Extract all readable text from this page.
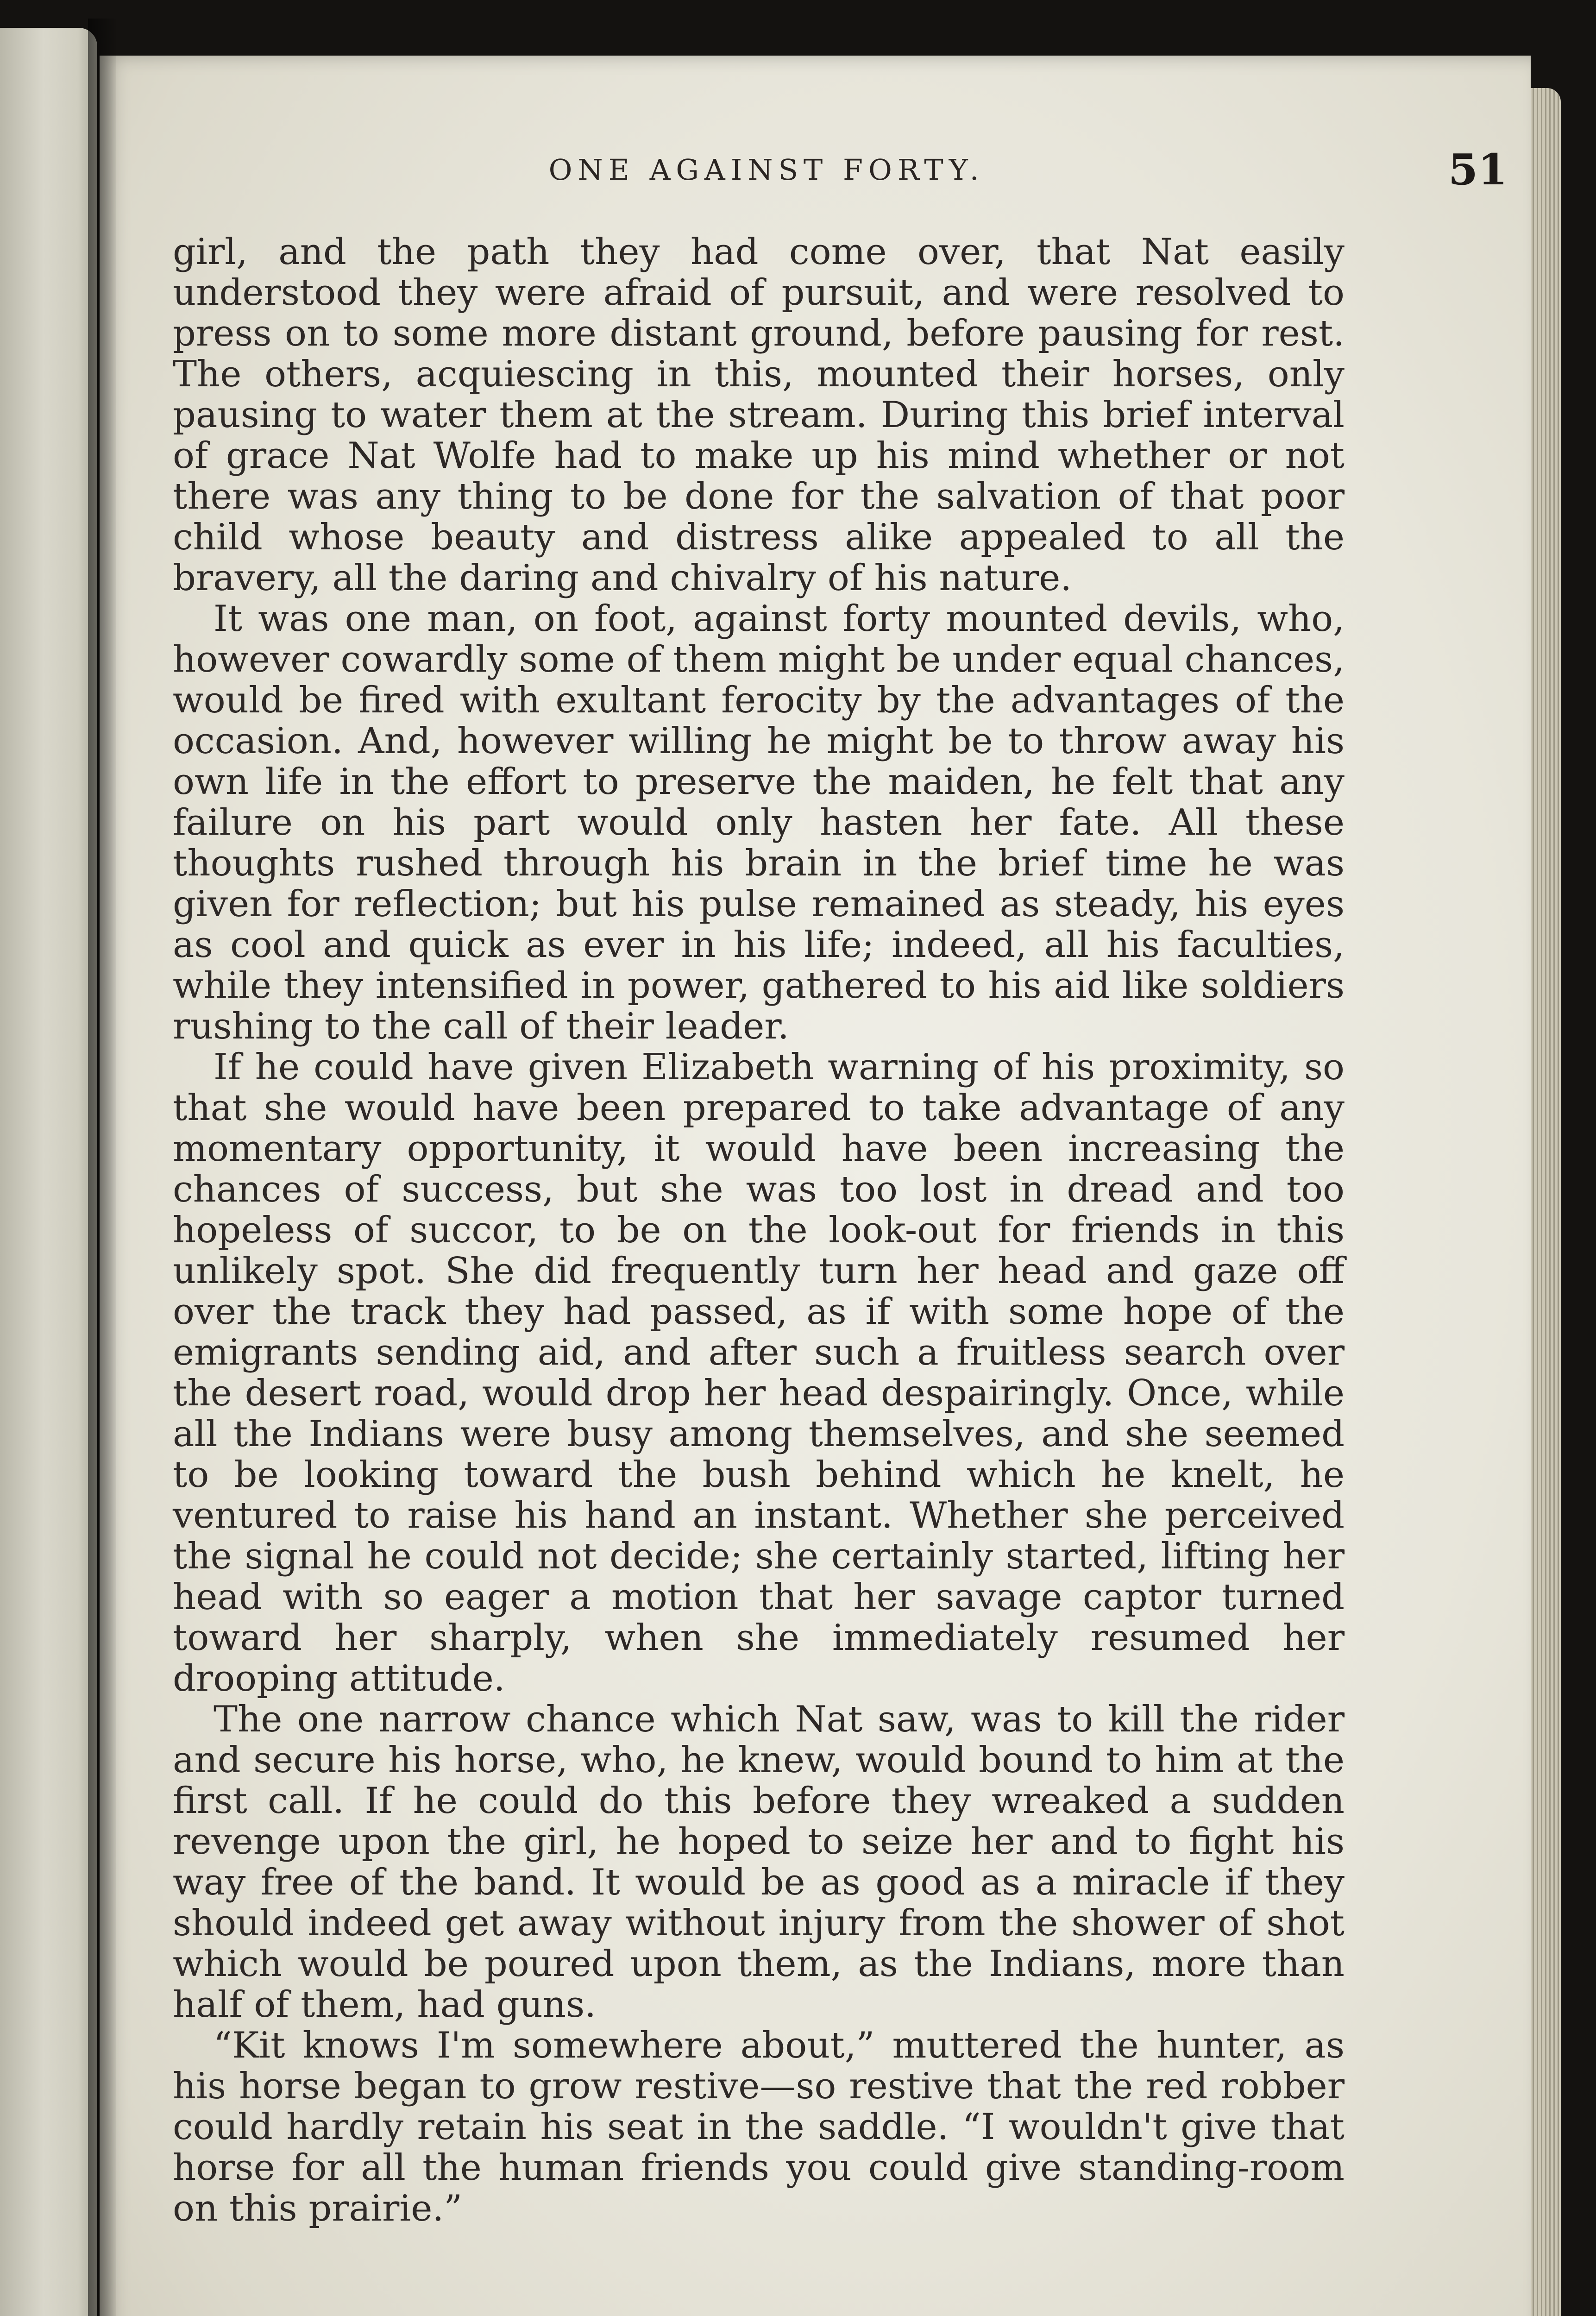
ONE AGAINST FORTY.	51

girl, and the path they had come over, that Nat easily understood they were afraid of pursuit, and were resolved to press on to some more distant ground, before pausing for rest. The others, acquiescing in this, mounted their horses, only pausing to water them at the stream. During this brief interval of grace Nat Wolfe had to make up his mind whether or not there was any thing to be done for the salvation of that poor child whose beauty and distress alike appealed to all the bravery, all the daring and chivalry of his nature.

It was one man, on foot, against forty mounted devils, who, however cowardly some of them might be under equal chances, would be fired with exultant ferocity by the advantages of the occasion. And, however willing he might be to throw away his own life in the effort to preserve the maiden, he felt that any failure on his part would only hasten her fate. All these thoughts rushed through his brain in the brief time he was given for reflection; but his pulse remained as steady, his eyes as cool and quick as ever in his life; indeed, all his faculties, while they intensified in power, gathered to his aid like soldiers rushing to the call of their leader.

If he could have given Elizabeth warning of his proximity, so that she would have been prepared to take advantage of any momentary opportunity, it would have been increasing the chances of success, but she was too lost in dread and too hopeless of succor, to be on the look-out for friends in this unlikely spot. She did frequently turn her head and gaze off over the track they had passed, as if with some hope of the emigrants sending aid, and after such a fruitless search over the desert road, would drop her head despairingly. Once, while all the Indians were busy among themselves, and she seemed to be looking toward the bush behind which he knelt, he ventured to raise his hand an instant. Whether she perceived the signal he could not decide; she certainly started, lifting her head with so eager a motion that her savage captor turned toward her sharply, when she immediately resumed her drooping attitude.

The one narrow chance which Nat saw, was to kill the rider and secure his horse, who, he knew, would bound to him at the first call. If he could do this before they wreaked a sudden revenge upon the girl, he hoped to seize her and to fight his way free of the band. It would be as good as a miracle if they should indeed get away without injury from the shower of shot which would be poured upon them, as the Indians, more than half of them, had guns.

“Kit knows I'm somewhere about,” muttered the hunter, as his horse began to grow restive—so restive that the red robber could hardly retain his seat in the saddle. “I wouldn't give that horse for all the human friends you could give standing-room on this prairie.”
